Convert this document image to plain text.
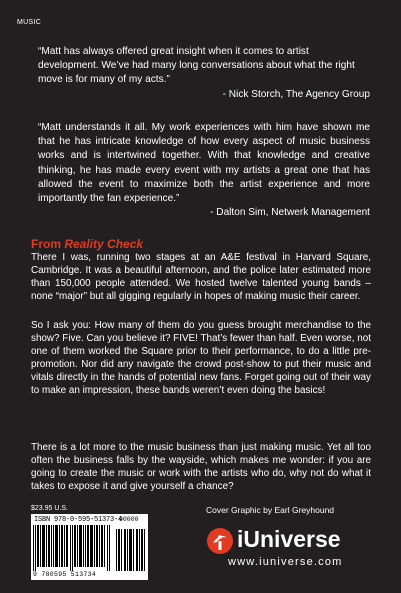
MUSIC

“Matt has always offered great insight when it comes to artist development. We’ve had many long conversations about what the right move is for many of my acts.”

- Nick Storch, The Agency Group

“Matt understands it all. My work experiences with him have shown me that he has intricate knowledge of how every aspect of music business works and is intertwined together. With that knowledge and creative thinking, he has made every event with my artists a great one that has allowed the event to maximize both the artist experience and more importantly the fan experience.”

- Dalton Sim, Netwerk Management
From Reality Check

There I was, running two stages at an A&E festival in Harvard Square, Cambridge. It was a beautiful afternoon, and the police later estimated more than 150,000 people attended. We hosted twelve talented young bands – none “major” but all gigging regularly in hopes of making music their career.

So I ask you: How many of them do you guess brought merchandise to the show? Five. Can you believe it? FIVE! That’s fewer than half. Even worse, not one of them worked the Square prior to their performance, to do a little pre-promotion. Nor did any navigate the crowd post-show to put their music and vitals directly in the hands of potential new fans. Forget going out of their way to make an impression, these bands weren’t even doing the basics!

There is a lot more to the music business than just making music. Yet all too often the business falls by the wayside, which makes me wonder: if you are going to create the music or work with the artists who do, why not do what it takes to expose it and give yourself a chance?

$23.95 U.S.	Cover Graphic by Earl Greyhound
ISBN 978-0-595-51373-4
90000
9 780595 513734
iUniverse
www.iuniverse.com
